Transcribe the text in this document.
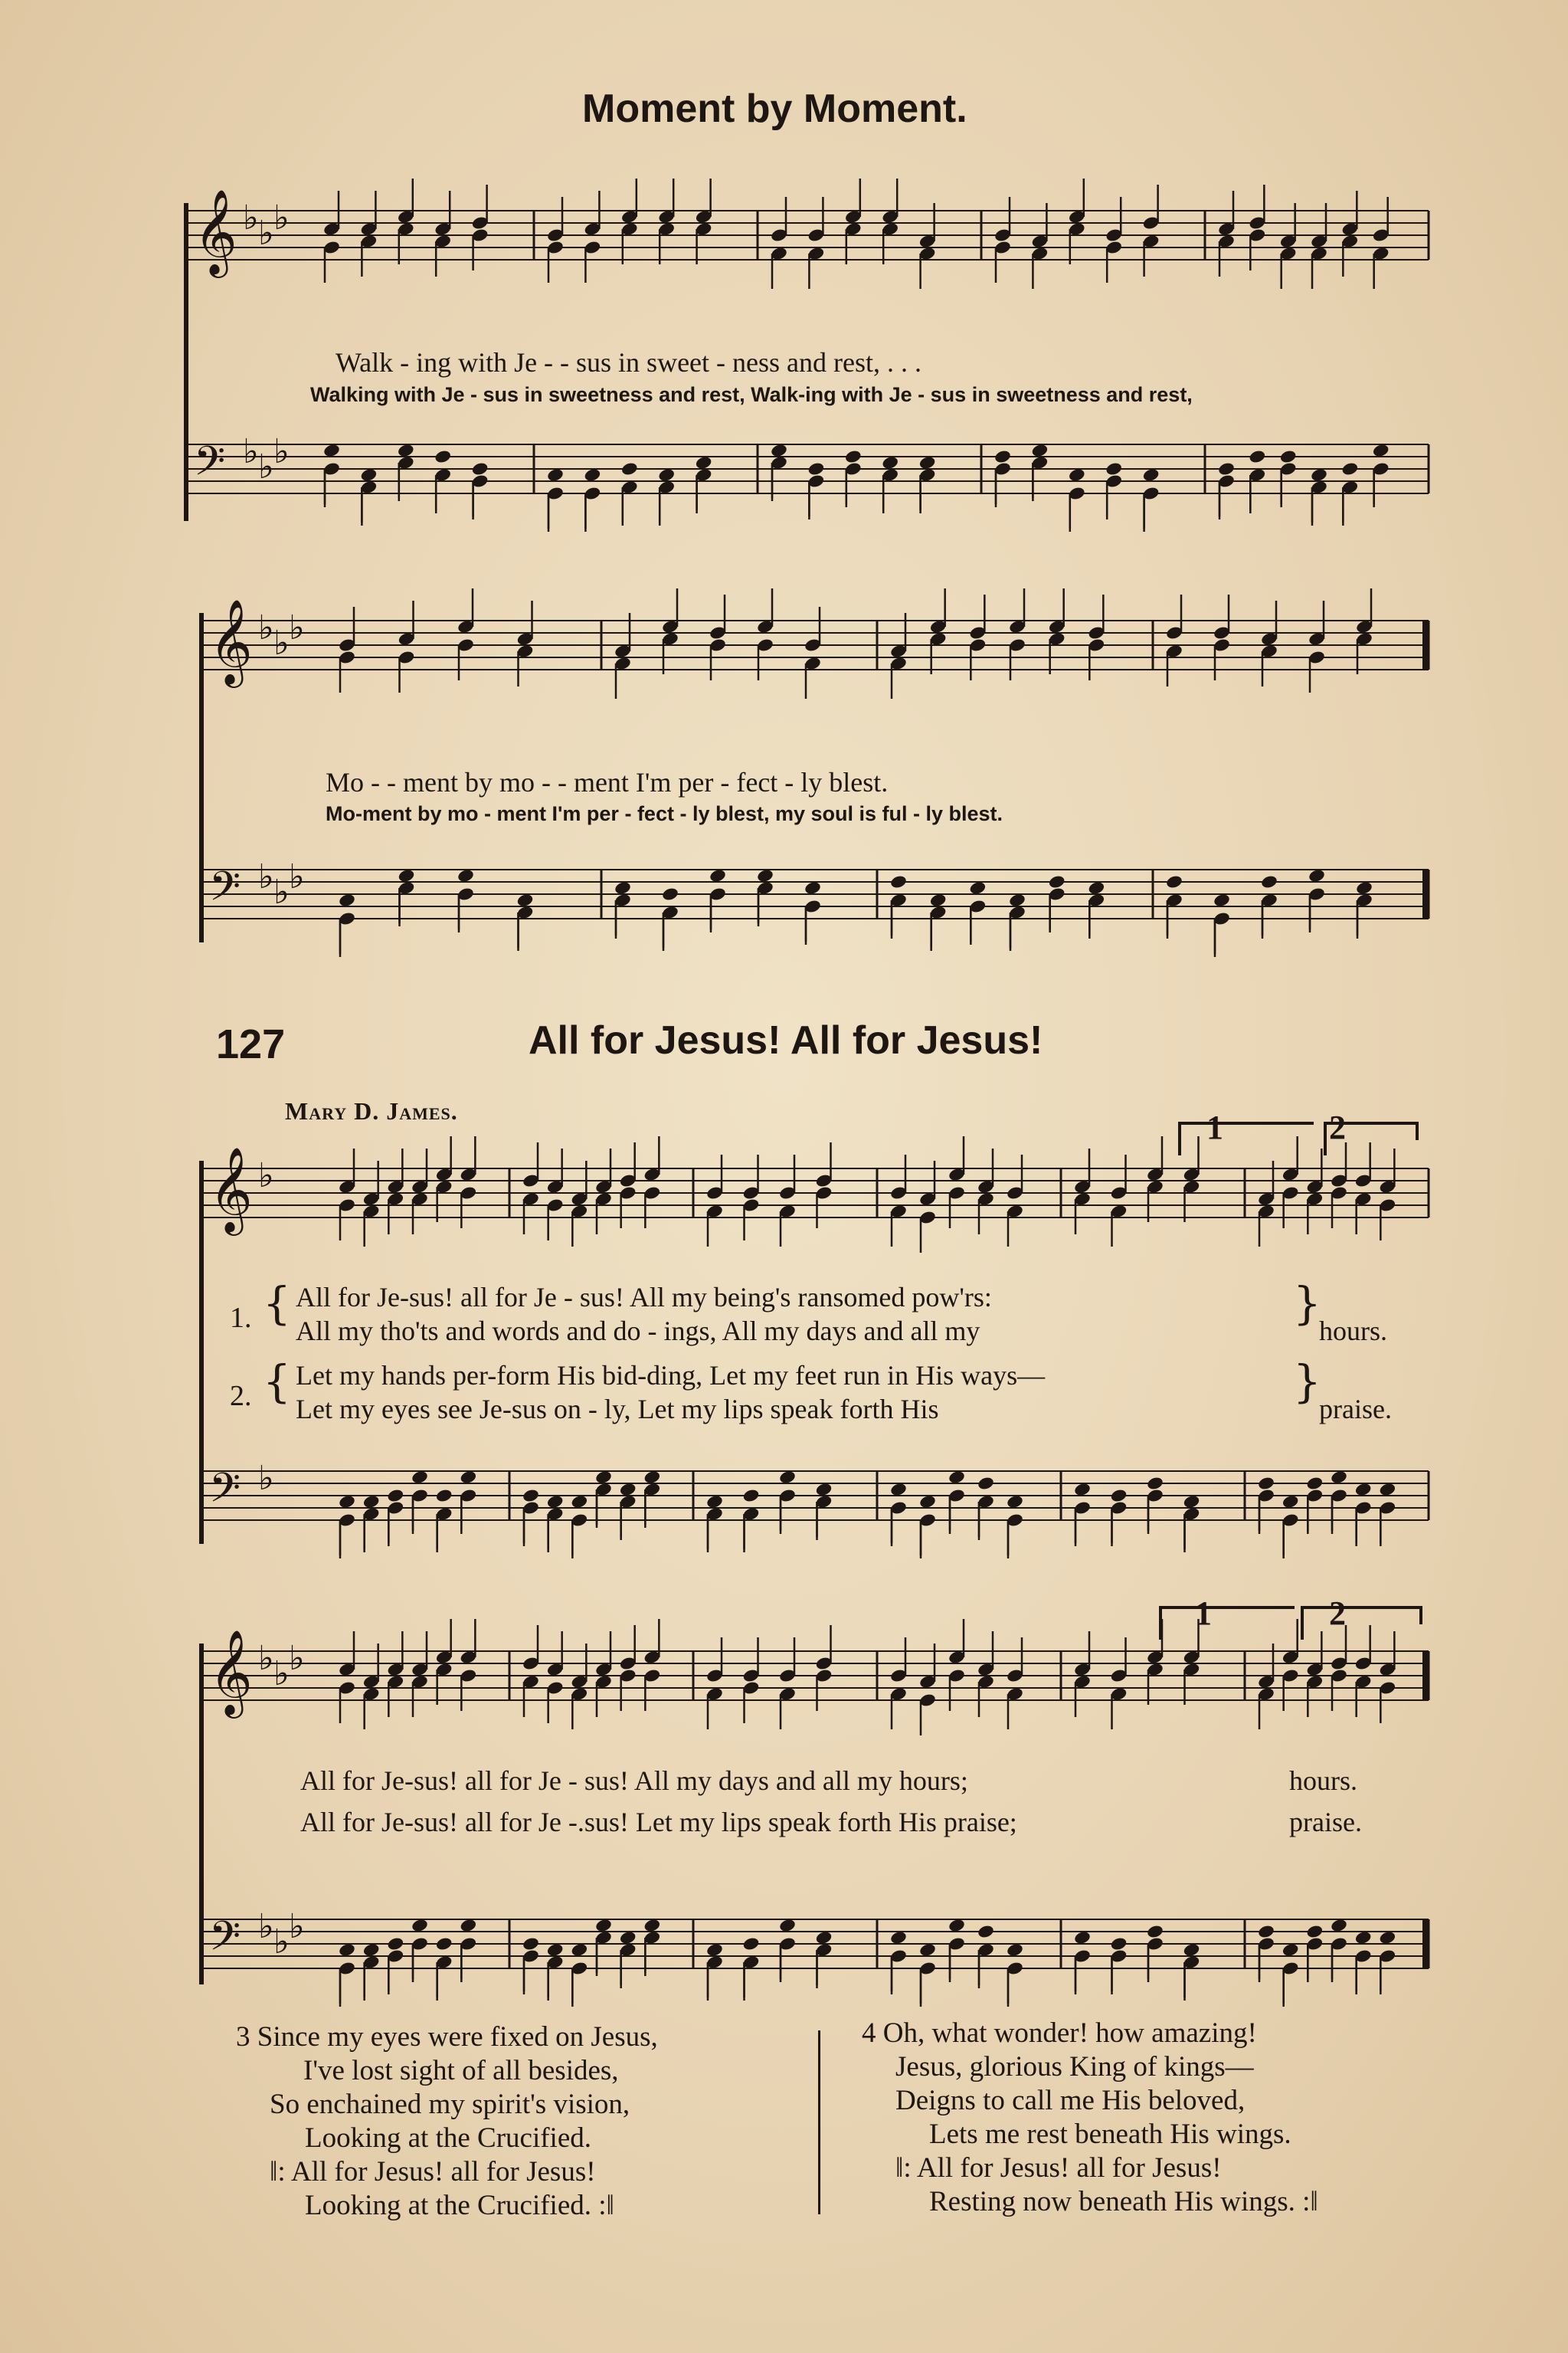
Moment by Moment.
𝄞 ♭ ♭ ♭
𝄢 ♭ ♭ ♭
Walk - ing with Je - - sus in sweet - ness and rest, . . .
Walking with Je - sus in sweetness and rest, Walk-ing with Je - sus in sweetness and rest,
𝄞 ♭ ♭ ♭
𝄢 ♭ ♭ ♭
Mo - - ment by mo - - ment I'm per - fect - ly blest.
Mo-ment by mo - ment I'm per - fect - ly blest, my soul is ful - ly blest.
127	All for Jesus! All for Jesus!
Mary D. James.	1	2
𝄞 ♭
𝄢 ♭
1. { All for Je-sus! all for Je - sus! All my being's ransomed pow'rs:
All my tho'ts and words and do - ings, All my days and all my
}
hours.
2. { Let my hands per-form His bid-ding, Let my feet run in His ways—
Let my eyes see Je-sus on - ly, Let my lips speak forth His
}
praise.
1	2
𝄞 ♭ ♭ ♭
𝄢 ♭ ♭ ♭
All for Je-sus! all for Je - sus! All my days and all my hours;	hours.
All for Je-sus! all for Je -.sus! Let my lips speak forth His praise;	praise.
3 Since my eyes were fixed on Jesus,
I've lost sight of all besides,
So enchained my spirit's vision,
Looking at the Crucified.
‖: All for Jesus! all for Jesus!
Looking at the Crucified. :‖
4 Oh, what wonder! how amazing!
Jesus, glorious King of kings—
Deigns to call me His beloved,
Lets me rest beneath His wings.
‖: All for Jesus! all for Jesus!
Resting now beneath His wings. :‖
